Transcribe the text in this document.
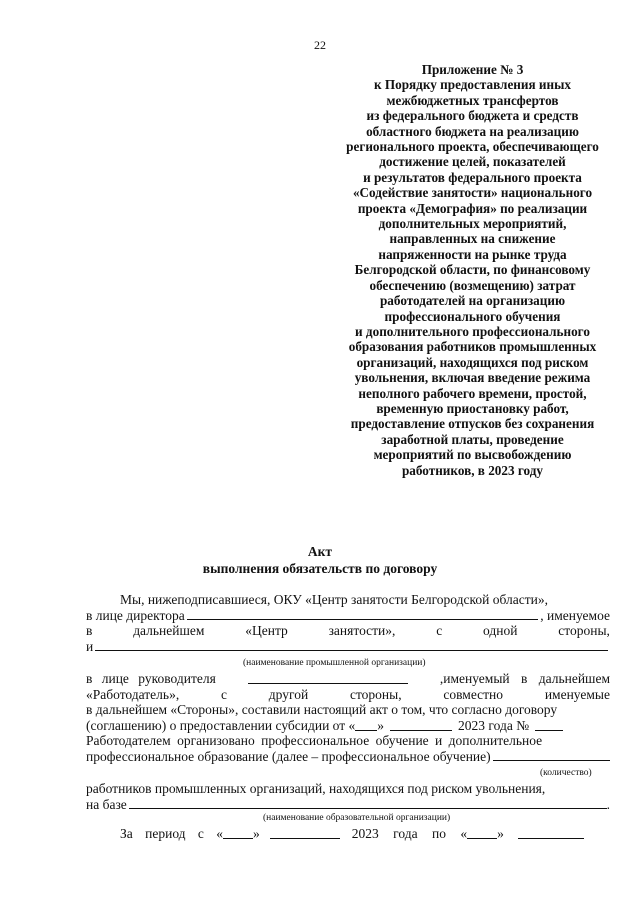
22
Приложение № 3
к Порядку предоставления иных
межбюджетных трансфертов
из федерального бюджета и средств
областного бюджета на реализацию
регионального проекта, обеспечивающего
достижение целей, показателей
и результатов федерального проекта
«Содействие занятости» национального
проекта «Демография» по реализации
дополнительных мероприятий,
направленных на снижение
напряженности на рынке труда
Белгородской области, по финансовому
обеспечению (возмещению) затрат
работодателей на организацию
профессионального обучения
и дополнительного профессионального
образования работников промышленных
организаций, находящихся под риском
увольнения, включая введение режима
неполного рабочего времени, простой,
временную приостановку работ,
предоставление отпусков без сохранения
заработной платы, проведение
мероприятий по высвобождению
работников, в 2023 году
Акт
выполнения обязательств по договору
Мы, нижеподписавшиеся, ОКУ «Центр занятости Белгородской области»,
в лице директора	, именуемое
в	дальнейшем	«Центр	занятости»,	с	одной	стороны,
и
(наименование промышленной организации)
в лице руководителя	,именуемый в дальнейшем
«Работодатель»,	с	другой	стороны,	совместно	именуемые
в дальнейшем «Стороны», составили настоящий акт о том, что согласно договору
(соглашению) о предоставлении субсидии от « »	2023 года №
Работодателем организовано профессиональное обучение и дополнительное
профессиональное образование (далее – профессиональное обучение)
(количество)
работников промышленных организаций, находящихся под риском увольнения,
на базе	.
(наименование образовательной организации)
За период с « »	2023 года по « »
